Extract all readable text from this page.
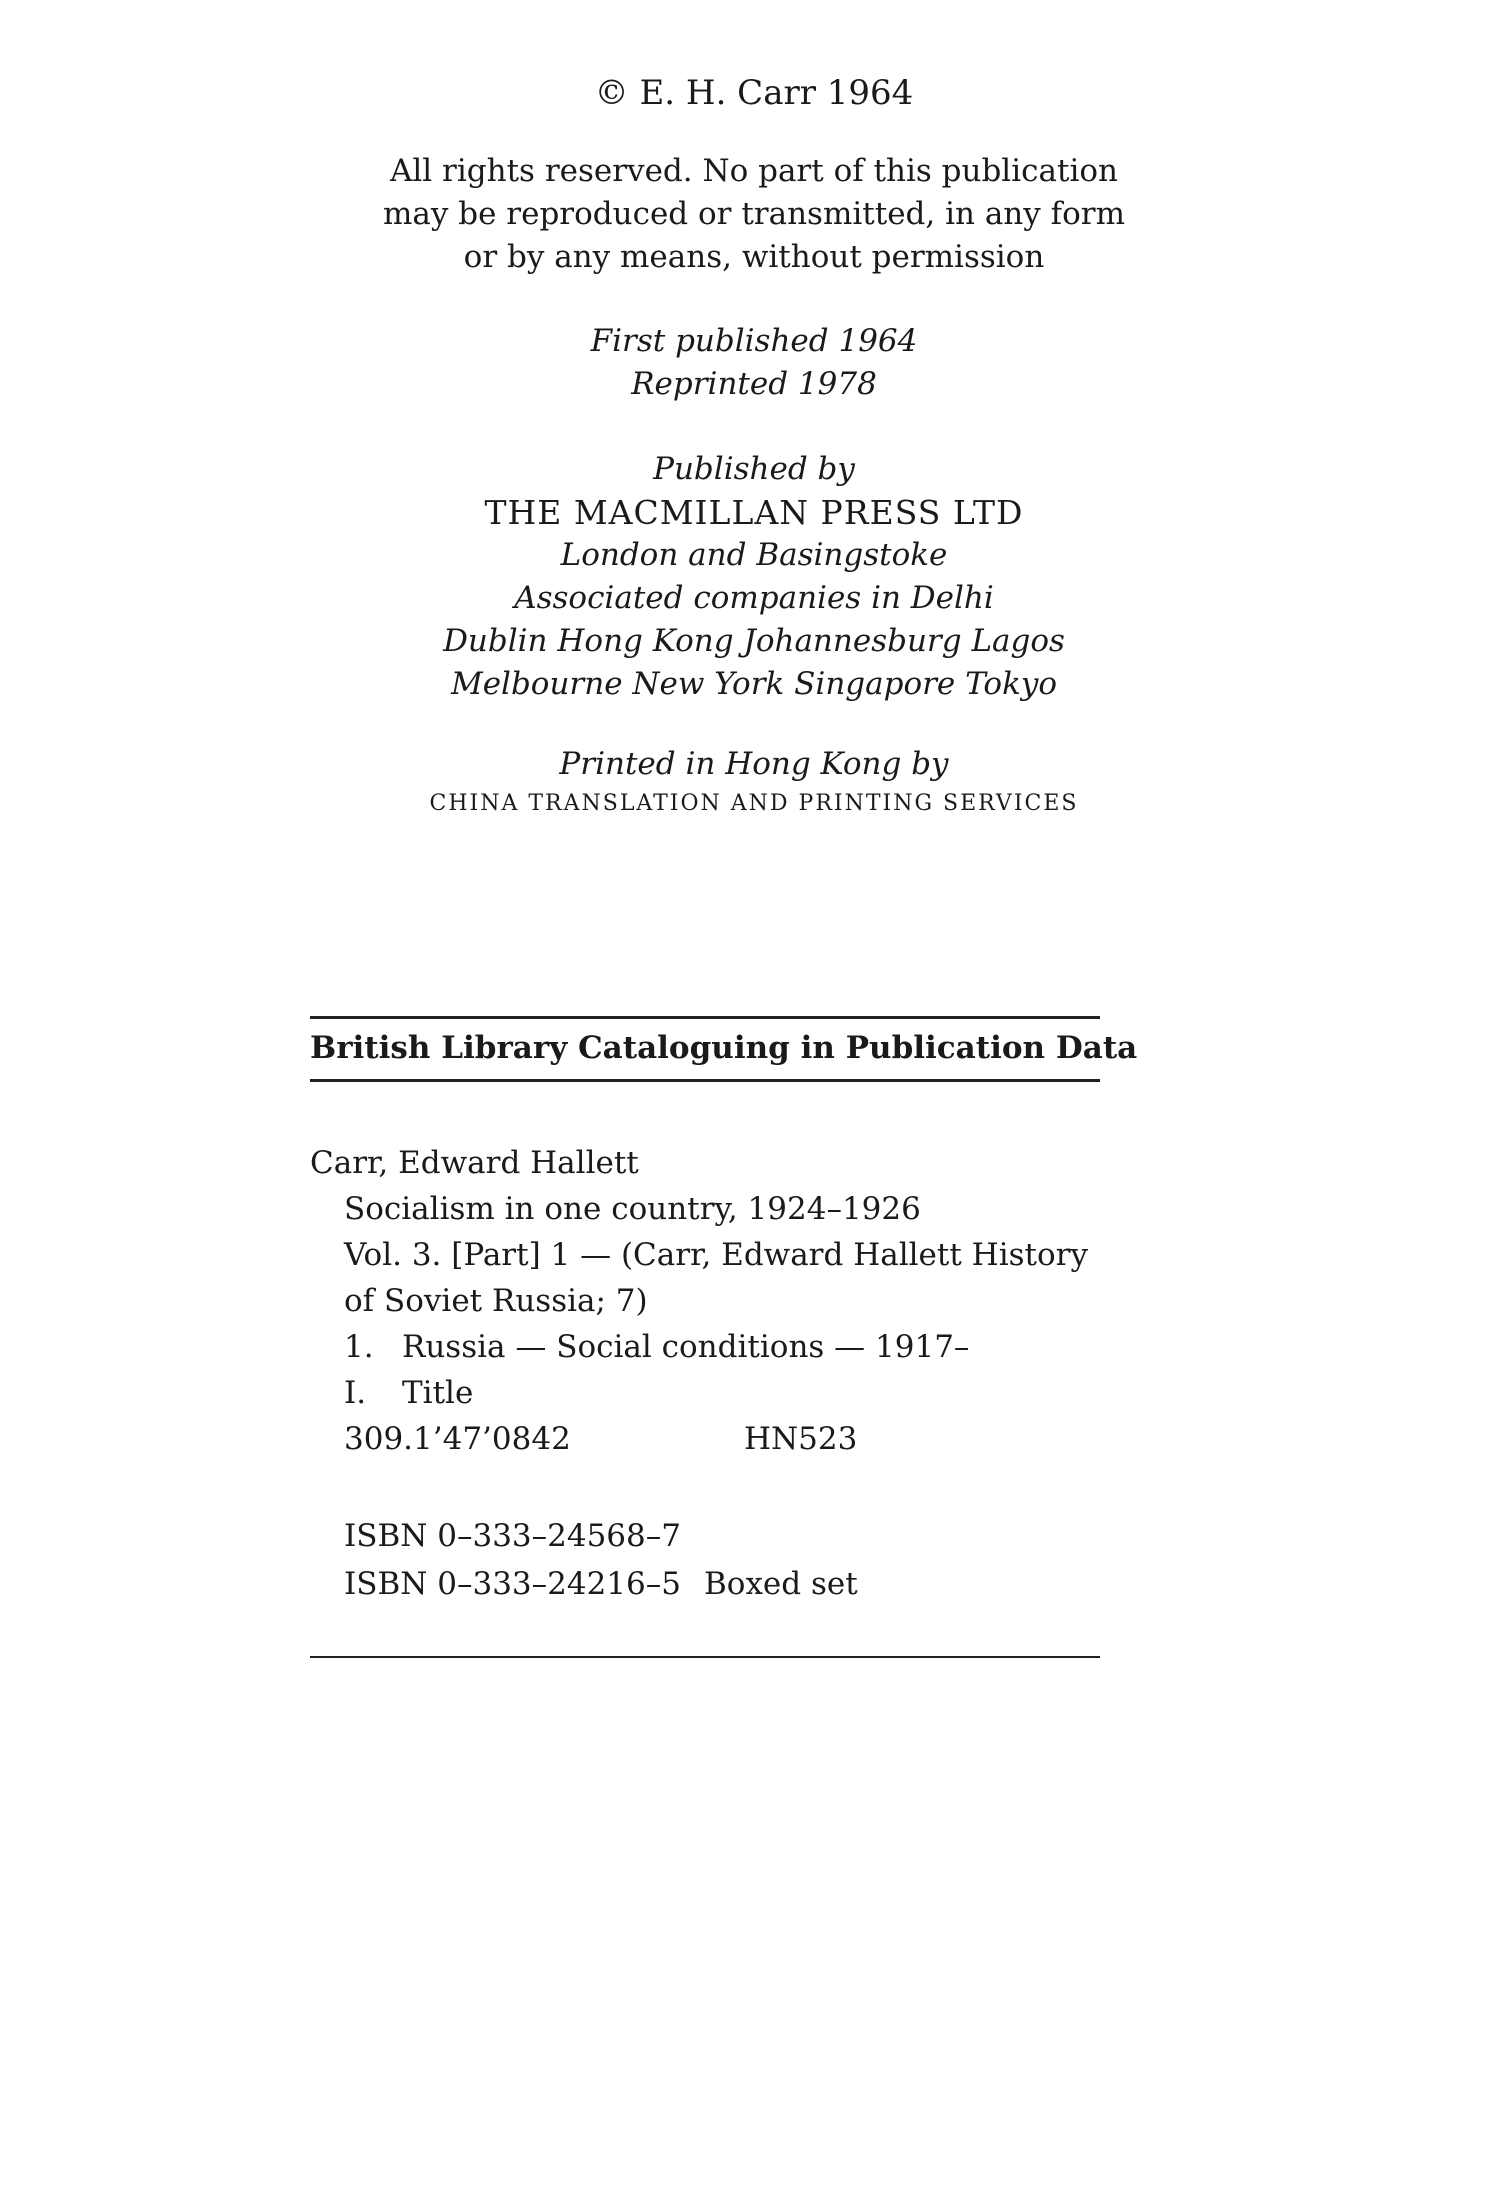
© E. H. Carr 1964
All rights reserved. No part of this publication
may be reproduced or transmitted, in any form
or by any means, without permission
First published 1964
Reprinted 1978
Published by
THE MACMILLAN PRESS LTD
London and Basingstoke
Associated companies in Delhi
Dublin Hong Kong Johannesburg Lagos
Melbourne New York Singapore Tokyo
Printed in Hong Kong by
CHINA TRANSLATION AND PRINTING SERVICES
British Library Cataloguing in Publication Data
Carr, Edward Hallett
Socialism in one country, 1924–1926
Vol. 3. [Part] 1 — (Carr, Edward Hallett History
of Soviet Russia; 7)
1. Russia — Social conditions — 1917–
I. Title
309.1’47’0842	HN523
ISBN 0–333–24568–7
ISBN 0–333–24216–5 Boxed set
